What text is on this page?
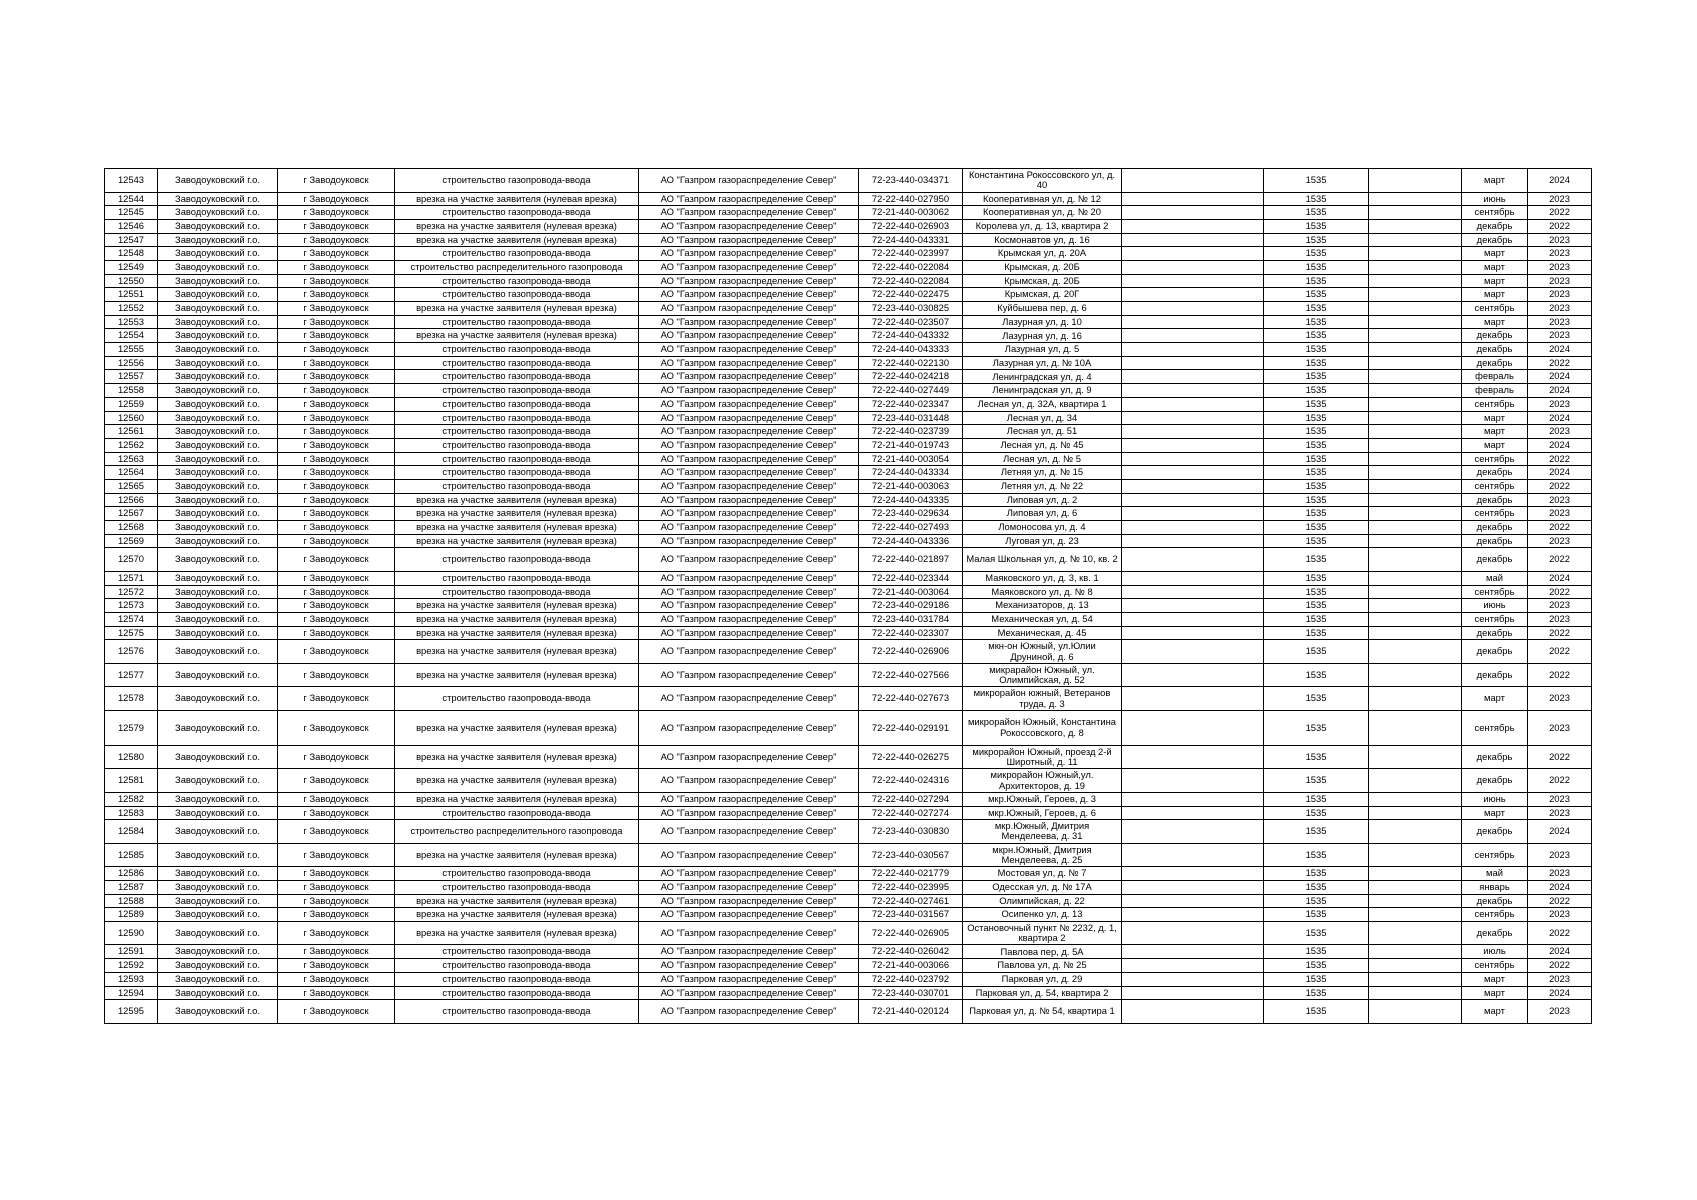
12543	Заводоуковский г.о.	г Заводоуковск	строительство газопровода-ввода	АО "Газпром газораспределение Север"	72-23-440-034371	Константина Рокоссовского ул, д. 40		1535		март	2024
12544	Заводоуковский г.о.	г Заводоуковск	врезка на участке заявителя (нулевая врезка)	АО "Газпром газораспределение Север"	72-22-440-027950	Кооперативная ул, д. № 12		1535		июнь	2023
12545	Заводоуковский г.о.	г Заводоуковск	строительство газопровода-ввода	АО "Газпром газораспределение Север"	72-21-440-003062	Кооперативная ул, д. № 20		1535		сентябрь	2022
12546	Заводоуковский г.о.	г Заводоуковск	врезка на участке заявителя (нулевая врезка)	АО "Газпром газораспределение Север"	72-22-440-026903	Королева ул, д. 13, квартира 2		1535		декабрь	2022
12547	Заводоуковский г.о.	г Заводоуковск	врезка на участке заявителя (нулевая врезка)	АО "Газпром газораспределение Север"	72-24-440-043331	Космонавтов ул, д. 16		1535		декабрь	2023
12548	Заводоуковский г.о.	г Заводоуковск	строительство газопровода-ввода	АО "Газпром газораспределение Север"	72-22-440-023997	Крымская ул, д. 20А		1535		март	2023
12549	Заводоуковский г.о.	г Заводоуковск	строительство распределительного газопровода	АО "Газпром газораспределение Север"	72-22-440-022084	Крымская, д. 20Б		1535		март	2023
12550	Заводоуковский г.о.	г Заводоуковск	строительство газопровода-ввода	АО "Газпром газораспределение Север"	72-22-440-022084	Крымская, д. 20Б		1535		март	2023
12551	Заводоуковский г.о.	г Заводоуковск	строительство газопровода-ввода	АО "Газпром газораспределение Север"	72-22-440-022475	Крымская, д. 20Г		1535		март	2023
12552	Заводоуковский г.о.	г Заводоуковск	врезка на участке заявителя (нулевая врезка)	АО "Газпром газораспределение Север"	72-23-440-030825	Куйбышева пер, д. 6		1535		сентябрь	2023
12553	Заводоуковский г.о.	г Заводоуковск	строительство газопровода-ввода	АО "Газпром газораспределение Север"	72-22-440-023507	Лазурная ул, д. 10		1535		март	2023
12554	Заводоуковский г.о.	г Заводоуковск	врезка на участке заявителя (нулевая врезка)	АО "Газпром газораспределение Север"	72-24-440-043332	Лазурная ул, д. 16		1535		декабрь	2023
12555	Заводоуковский г.о.	г Заводоуковск	строительство газопровода-ввода	АО "Газпром газораспределение Север"	72-24-440-043333	Лазурная ул, д. 5		1535		декабрь	2024
12556	Заводоуковский г.о.	г Заводоуковск	строительство газопровода-ввода	АО "Газпром газораспределение Север"	72-22-440-022130	Лазурная ул, д. № 10А		1535		декабрь	2022
12557	Заводоуковский г.о.	г Заводоуковск	строительство газопровода-ввода	АО "Газпром газораспределение Север"	72-22-440-024218	Ленинградская ул, д. 4		1535		февраль	2024
12558	Заводоуковский г.о.	г Заводоуковск	строительство газопровода-ввода	АО "Газпром газораспределение Север"	72-22-440-027449	Ленинградская ул, д. 9		1535		февраль	2024
12559	Заводоуковский г.о.	г Заводоуковск	строительство газопровода-ввода	АО "Газпром газораспределение Север"	72-22-440-023347	Лесная ул, д. 32А, квартира 1		1535		сентябрь	2023
12560	Заводоуковский г.о.	г Заводоуковск	строительство газопровода-ввода	АО "Газпром газораспределение Север"	72-23-440-031448	Лесная ул, д. 34		1535		март	2024
12561	Заводоуковский г.о.	г Заводоуковск	строительство газопровода-ввода	АО "Газпром газораспределение Север"	72-22-440-023739	Лесная ул, д. 51		1535		март	2023
12562	Заводоуковский г.о.	г Заводоуковск	строительство газопровода-ввода	АО "Газпром газораспределение Север"	72-21-440-019743	Лесная ул, д. № 45		1535		март	2024
12563	Заводоуковский г.о.	г Заводоуковск	строительство газопровода-ввода	АО "Газпром газораспределение Север"	72-21-440-003054	Лесная ул, д. № 5		1535		сентябрь	2022
12564	Заводоуковский г.о.	г Заводоуковск	строительство газопровода-ввода	АО "Газпром газораспределение Север"	72-24-440-043334	Летняя ул, д. № 15		1535		декабрь	2024
12565	Заводоуковский г.о.	г Заводоуковск	строительство газопровода-ввода	АО "Газпром газораспределение Север"	72-21-440-003063	Летняя ул, д. № 22		1535		сентябрь	2022
12566	Заводоуковский г.о.	г Заводоуковск	врезка на участке заявителя (нулевая врезка)	АО "Газпром газораспределение Север"	72-24-440-043335	Липовая ул, д. 2		1535		декабрь	2023
12567	Заводоуковский г.о.	г Заводоуковск	врезка на участке заявителя (нулевая врезка)	АО "Газпром газораспределение Север"	72-23-440-029634	Липовая ул, д. 6		1535		сентябрь	2023
12568	Заводоуковский г.о.	г Заводоуковск	врезка на участке заявителя (нулевая врезка)	АО "Газпром газораспределение Север"	72-22-440-027493	Ломоносова ул, д. 4		1535		декабрь	2022
12569	Заводоуковский г.о.	г Заводоуковск	врезка на участке заявителя (нулевая врезка)	АО "Газпром газораспределение Север"	72-24-440-043336	Луговая ул, д. 23		1535		декабрь	2023
12570	Заводоуковский г.о.	г Заводоуковск	строительство газопровода-ввода	АО "Газпром газораспределение Север"	72-22-440-021897	Малая Школьная ул, д. № 10, кв. 2		1535		декабрь	2022
12571	Заводоуковский г.о.	г Заводоуковск	строительство газопровода-ввода	АО "Газпром газораспределение Север"	72-22-440-023344	Маяковского ул, д. 3, кв. 1		1535		май	2024
12572	Заводоуковский г.о.	г Заводоуковск	строительство газопровода-ввода	АО "Газпром газораспределение Север"	72-21-440-003064	Маяковского ул, д. № 8		1535		сентябрь	2022
12573	Заводоуковский г.о.	г Заводоуковск	врезка на участке заявителя (нулевая врезка)	АО "Газпром газораспределение Север"	72-23-440-029186	Механизаторов, д. 13		1535		июнь	2023
12574	Заводоуковский г.о.	г Заводоуковск	врезка на участке заявителя (нулевая врезка)	АО "Газпром газораспределение Север"	72-23-440-031784	Механическая ул, д. 54		1535		сентябрь	2023
12575	Заводоуковский г.о.	г Заводоуковск	врезка на участке заявителя (нулевая врезка)	АО "Газпром газораспределение Север"	72-22-440-023307	Механическая, д. 45		1535		декабрь	2022
12576	Заводоуковский г.о.	г Заводоуковск	врезка на участке заявителя (нулевая врезка)	АО "Газпром газораспределение Север"	72-22-440-026906	мкн-он Южный, ул.Юлии Друниной, д. 6		1535		декабрь	2022
12577	Заводоуковский г.о.	г Заводоуковск	врезка на участке заявителя (нулевая врезка)	АО "Газпром газораспределение Север"	72-22-440-027566	микрарайон Южный, ул. Олимпийская, д. 52		1535		декабрь	2022
12578	Заводоуковский г.о.	г Заводоуковск	строительство газопровода-ввода	АО "Газпром газораспределение Север"	72-22-440-027673	микрорайон южный, Ветеранов труда, д. 3		1535		март	2023
12579	Заводоуковский г.о.	г Заводоуковск	врезка на участке заявителя (нулевая врезка)	АО "Газпром газораспределение Север"	72-22-440-029191	микрорайон Южный, Константина Рокоссовского, д. 8		1535		сентябрь	2023
12580	Заводоуковский г.о.	г Заводоуковск	врезка на участке заявителя (нулевая врезка)	АО "Газпром газораспределение Север"	72-22-440-026275	микрорайон Южный, проезд 2-й Широтный, д. 11		1535		декабрь	2022
12581	Заводоуковский г.о.	г Заводоуковск	врезка на участке заявителя (нулевая врезка)	АО "Газпром газораспределение Север"	72-22-440-024316	микрорайон Южный,ул. Архитекторов, д. 19		1535		декабрь	2022
12582	Заводоуковский г.о.	г Заводоуковск	врезка на участке заявителя (нулевая врезка)	АО "Газпром газораспределение Север"	72-22-440-027294	мкр.Южный, Героев, д. 3		1535		июнь	2023
12583	Заводоуковский г.о.	г Заводоуковск	строительство газопровода-ввода	АО "Газпром газораспределение Север"	72-22-440-027274	мкр.Южный, Героев, д. 6		1535		март	2023
12584	Заводоуковский г.о.	г Заводоуковск	строительство распределительного газопровода	АО "Газпром газораспределение Север"	72-23-440-030830	мкр.Южный, Дмитрия Менделеева, д. 31		1535		декабрь	2024
12585	Заводоуковский г.о.	г Заводоуковск	врезка на участке заявителя (нулевая врезка)	АО "Газпром газораспределение Север"	72-23-440-030567	мкрн.Южный, Дмитрия Менделеева, д. 25		1535		сентябрь	2023
12586	Заводоуковский г.о.	г Заводоуковск	строительство газопровода-ввода	АО "Газпром газораспределение Север"	72-22-440-021779	Мостовая ул, д. № 7		1535		май	2023
12587	Заводоуковский г.о.	г Заводоуковск	строительство газопровода-ввода	АО "Газпром газораспределение Север"	72-22-440-023995	Одесская ул, д. № 17А		1535		январь	2024
12588	Заводоуковский г.о.	г Заводоуковск	врезка на участке заявителя (нулевая врезка)	АО "Газпром газораспределение Север"	72-22-440-027461	Олимпийская, д. 22		1535		декабрь	2022
12589	Заводоуковский г.о.	г Заводоуковск	врезка на участке заявителя (нулевая врезка)	АО "Газпром газораспределение Север"	72-23-440-031567	Осипенко ул, д. 13		1535		сентябрь	2023
12590	Заводоуковский г.о.	г Заводоуковск	врезка на участке заявителя (нулевая врезка)	АО "Газпром газораспределение Север"	72-22-440-026905	Остановочный пункт № 2232, д. 1, квартира 2		1535		декабрь	2022
12591	Заводоуковский г.о.	г Заводоуковск	строительство газопровода-ввода	АО "Газпром газораспределение Север"	72-22-440-026042	Павлова пер, д. 5А		1535		июль	2024
12592	Заводоуковский г.о.	г Заводоуковск	строительство газопровода-ввода	АО "Газпром газораспределение Север"	72-21-440-003066	Павлова ул, д. № 25		1535		сентябрь	2022
12593	Заводоуковский г.о.	г Заводоуковск	строительство газопровода-ввода	АО "Газпром газораспределение Север"	72-22-440-023792	Парковая ул, д. 29		1535		март	2023
12594	Заводоуковский г.о.	г Заводоуковск	строительство газопровода-ввода	АО "Газпром газораспределение Север"	72-23-440-030701	Парковая ул, д. 54, квартира 2		1535		март	2024
12595	Заводоуковский г.о.	г Заводоуковск	строительство газопровода-ввода	АО "Газпром газораспределение Север"	72-21-440-020124	Парковая ул, д. № 54, квартира 1		1535		март	2023
